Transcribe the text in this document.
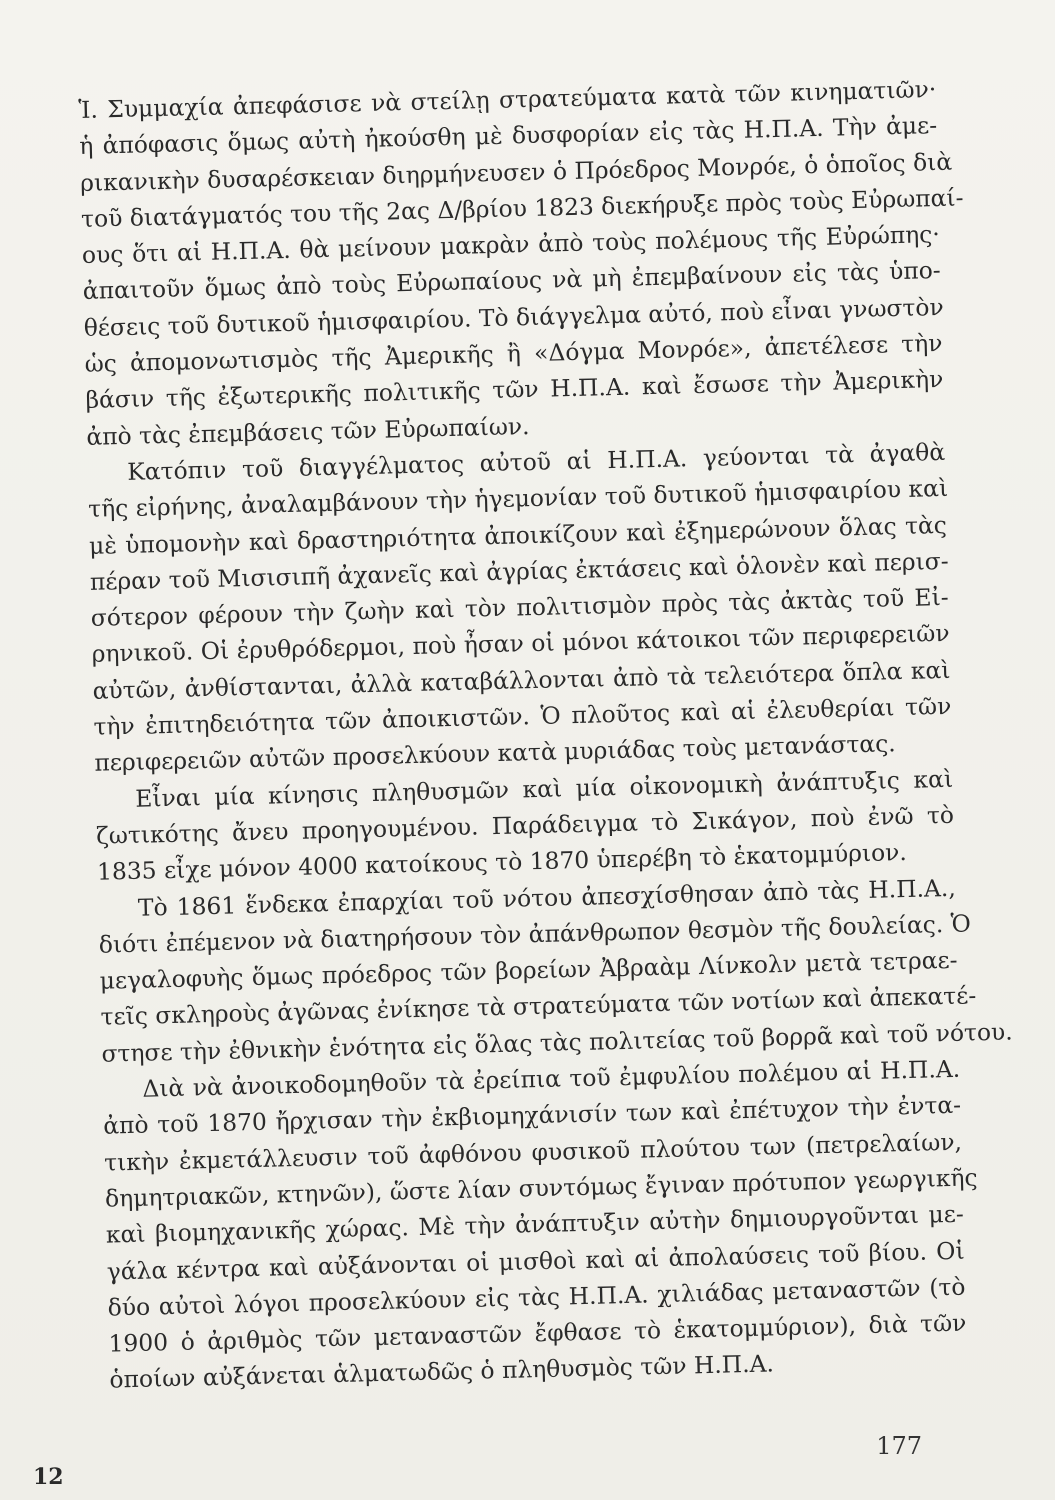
Ἱ. Συμμαχία ἀπεφάσισε νὰ στείλῃ στρατεύματα κατὰ τῶν κινηματιῶν·
ἡ ἀπόφασις ὅμως αὐτὴ ἠκούσθη μὲ δυσφορίαν εἰς τὰς Η.Π.Α. Τὴν ἀμε-
ρικανικὴν δυσαρέσκειαν διηρμήνευσεν ὁ Πρόεδρος Μονρόε, ὁ ὁποῖος διὰ
τοῦ διατάγματός του τῆς 2ας Δ/βρίου 1823 διεκήρυξε πρὸς τοὺς Εὐρωπαί-
ους ὅτι αἱ Η.Π.Α. θὰ μείνουν μακρὰν ἀπὸ τοὺς πολέμους τῆς Εὐρώπης·
ἀπαιτοῦν ὅμως ἀπὸ τοὺς Εὐρωπαίους νὰ μὴ ἐπεμβαίνουν εἰς τὰς ὑπο-
θέσεις τοῦ δυτικοῦ ἡμισφαιρίου. Τὸ διάγγελμα αὐτό, ποὺ εἶναι γνωστὸν
ὡς ἀπομονωτισμὸς τῆς Ἀμερικῆς ἢ «Δόγμα Μονρόε», ἀπετέλεσε τὴν
βάσιν τῆς ἐξωτερικῆς πολιτικῆς τῶν Η.Π.Α. καὶ ἔσωσε τὴν Ἀμερικὴν
ἀπὸ τὰς ἐπεμβάσεις τῶν Εὐρωπαίων.
Κατόπιν τοῦ διαγγέλματος αὐτοῦ αἱ Η.Π.Α. γεύονται τὰ ἀγαθὰ
τῆς εἰρήνης, ἀναλαμβάνουν τὴν ἡγεμονίαν τοῦ δυτικοῦ ἡμισφαιρίου καὶ
μὲ ὑπομονὴν καὶ δραστηριότητα ἀποικίζουν καὶ ἐξημερώνουν ὅλας τὰς
πέραν τοῦ Μισισιπῆ ἀχανεῖς καὶ ἀγρίας ἐκτάσεις καὶ ὁλονὲν καὶ περισ-
σότερον φέρουν τὴν ζωὴν καὶ τὸν πολιτισμὸν πρὸς τὰς ἀκτὰς τοῦ Εἰ-
ρηνικοῦ. Οἱ ἐρυθρόδερμοι, ποὺ ἦσαν οἱ μόνοι κάτοικοι τῶν περιφερειῶν
αὐτῶν, ἀνθίστανται, ἀλλὰ καταβάλλονται ἀπὸ τὰ τελειότερα ὅπλα καὶ
τὴν ἐπιτηδειότητα τῶν ἀποικιστῶν. Ὁ πλοῦτος καὶ αἱ ἐλευθερίαι τῶν
περιφερειῶν αὐτῶν προσελκύουν κατὰ μυριάδας τοὺς μετανάστας.
Εἶναι μία κίνησις πληθυσμῶν καὶ μία οἰκονομικὴ ἀνάπτυξις καὶ
ζωτικότης ἄνευ προηγουμένου. Παράδειγμα τὸ Σικάγον, ποὺ ἐνῶ τὸ
1835 εἶχε μόνον 4000 κατοίκους τὸ 1870 ὑπερέβη τὸ ἑκατομμύριον.
Τὸ 1861 ἕνδεκα ἐπαρχίαι τοῦ νότου ἀπεσχίσθησαν ἀπὸ τὰς Η.Π.Α.,
διότι ἐπέμενον νὰ διατηρήσουν τὸν ἀπάνθρωπον θεσμὸν τῆς δουλείας. Ὁ
μεγαλοφυὴς ὅμως πρόεδρος τῶν βορείων Ἀβραὰμ Λίνκολν μετὰ τετραε-
τεῖς σκληροὺς ἀγῶνας ἐνίκησε τὰ στρατεύματα τῶν νοτίων καὶ ἀπεκατέ-
στησε τὴν ἐθνικὴν ἑνότητα εἰς ὅλας τὰς πολιτείας τοῦ βορρᾶ καὶ τοῦ νότου.
Διὰ νὰ ἀνοικοδομηθοῦν τὰ ἐρείπια τοῦ ἐμφυλίου πολέμου αἱ Η.Π.Α.
ἀπὸ τοῦ 1870 ἤρχισαν τὴν ἐκβιομηχάνισίν των καὶ ἐπέτυχον τὴν ἐντα-
τικὴν ἐκμετάλλευσιν τοῦ ἀφθόνου φυσικοῦ πλούτου των (πετρελαίων,
δημητριακῶν, κτηνῶν), ὥστε λίαν συντόμως ἔγιναν πρότυπον γεωργικῆς
καὶ βιομηχανικῆς χώρας. Μὲ τὴν ἀνάπτυξιν αὐτὴν δημιουργοῦνται με-
γάλα κέντρα καὶ αὐξάνονται οἱ μισθοὶ καὶ αἱ ἀπολαύσεις τοῦ βίου. Οἱ
δύο αὐτοὶ λόγοι προσελκύουν εἰς τὰς Η.Π.Α. χιλιάδας μεταναστῶν (τὸ
1900 ὁ ἀριθμὸς τῶν μεταναστῶν ἔφθασε τὸ ἑκατομμύριον), διὰ τῶν
ὁποίων αὐξάνεται ἁλματωδῶς ὁ πληθυσμὸς τῶν Η.Π.Α.
177
12
